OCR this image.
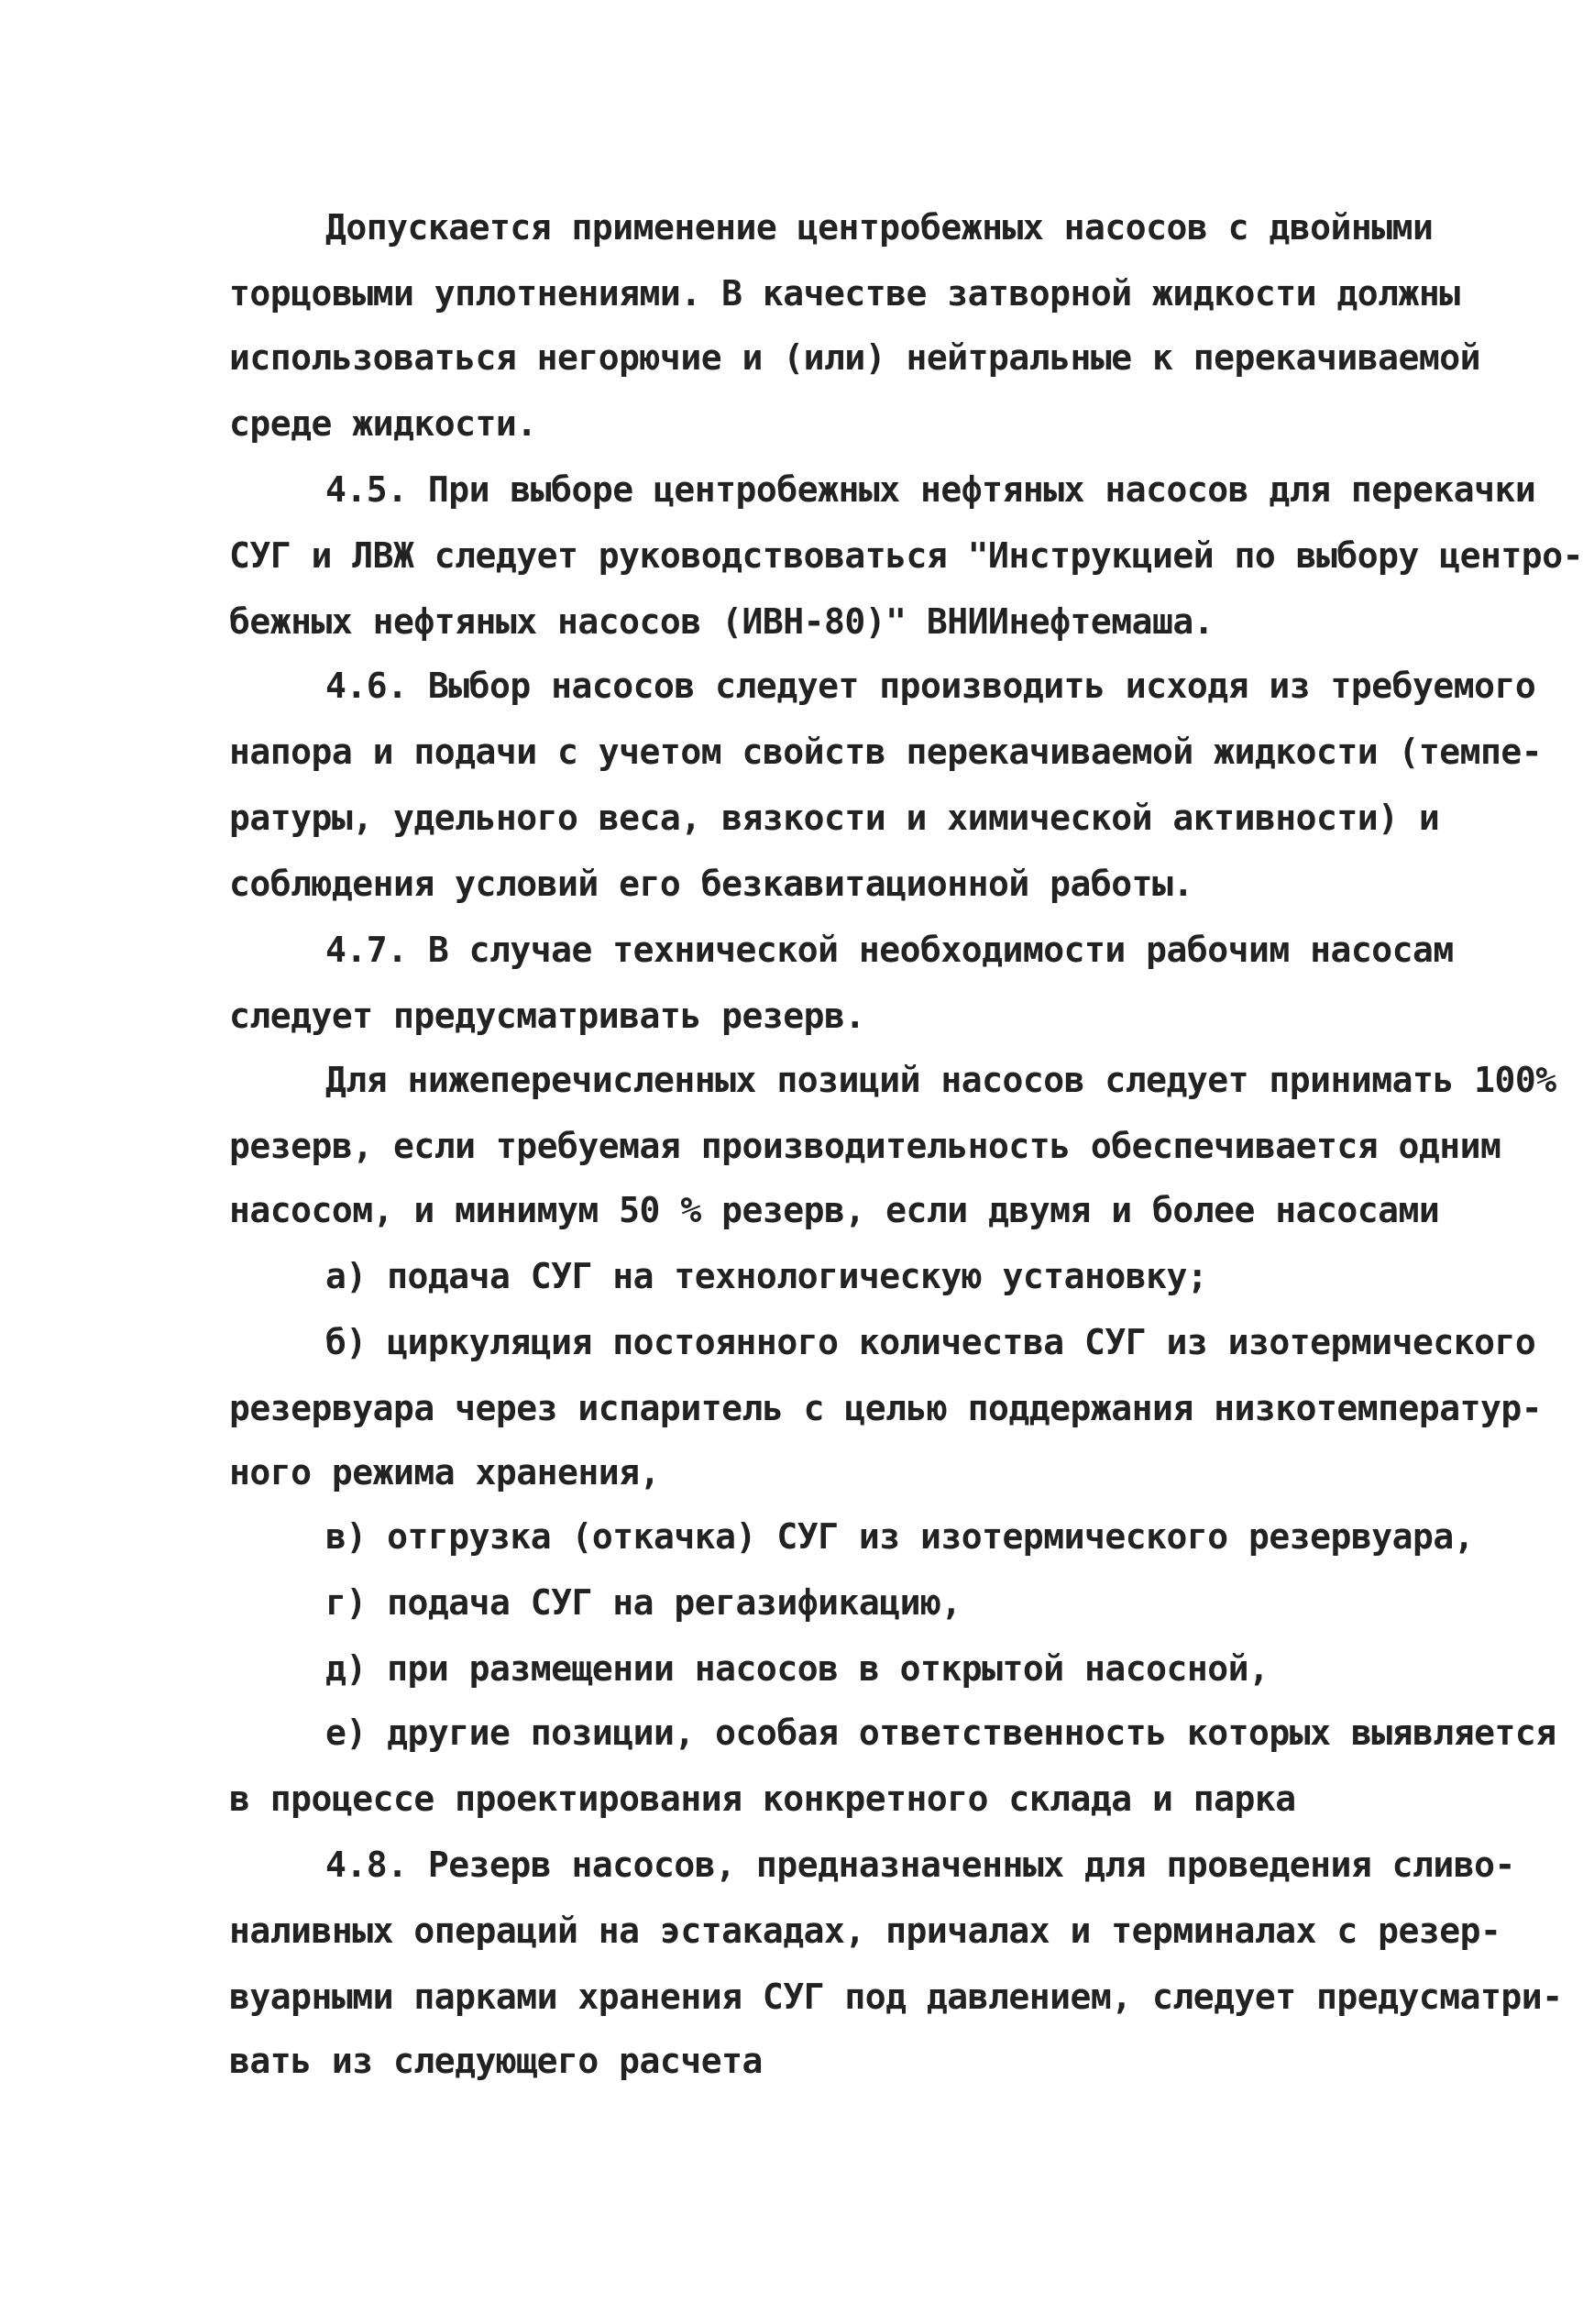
Допускается применение центробежных насосов с двойными
торцовыми уплотнениями. В качестве затворной жидкости должны
использоваться негорючие и (или) нейтральные к перекачиваемой
среде жидкости.
4.5. При выборе центробежных нефтяных насосов для перекачки
СУГ и ЛВЖ следует руководствоваться "Инструкцией по выбору центро-
бежных нефтяных насосов (ИВН-80)" ВНИИнефтемаша.
4.6. Выбор насосов следует производить исходя из требуемого
напора и подачи с учетом свойств перекачиваемой жидкости (темпе-
ратуры, удельного веса, вязкости и химической активности) и
соблюдения условий его безкавитационной работы.
4.7. В случае технической необходимости рабочим насосам
следует предусматривать резерв.
Для нижеперечисленных позиций насосов следует принимать 100%
резерв, если требуемая производительность обеспечивается одним
насосом, и минимум 50 % резерв, если двумя и более насосами
а) подача СУГ на технологическую установку;
б) циркуляция постоянного количества СУГ из изотермического
резервуара через испаритель с целью поддержания низкотемператур-
ного режима хранения,
в) отгрузка (откачка) СУГ из изотермического резервуара,
г) подача СУГ на регазификацию,
д) при размещении насосов в открытой насосной,
е) другие позиции, особая ответственность которых выявляется
в процессе проектирования конкретного склада и парка
4.8. Резерв насосов, предназначенных для проведения сливо-
наливных операций на эстакадах, причалах и терминалах с резер-
вуарными парками хранения СУГ под давлением, следует предусматри-
вать из следующего расчета
